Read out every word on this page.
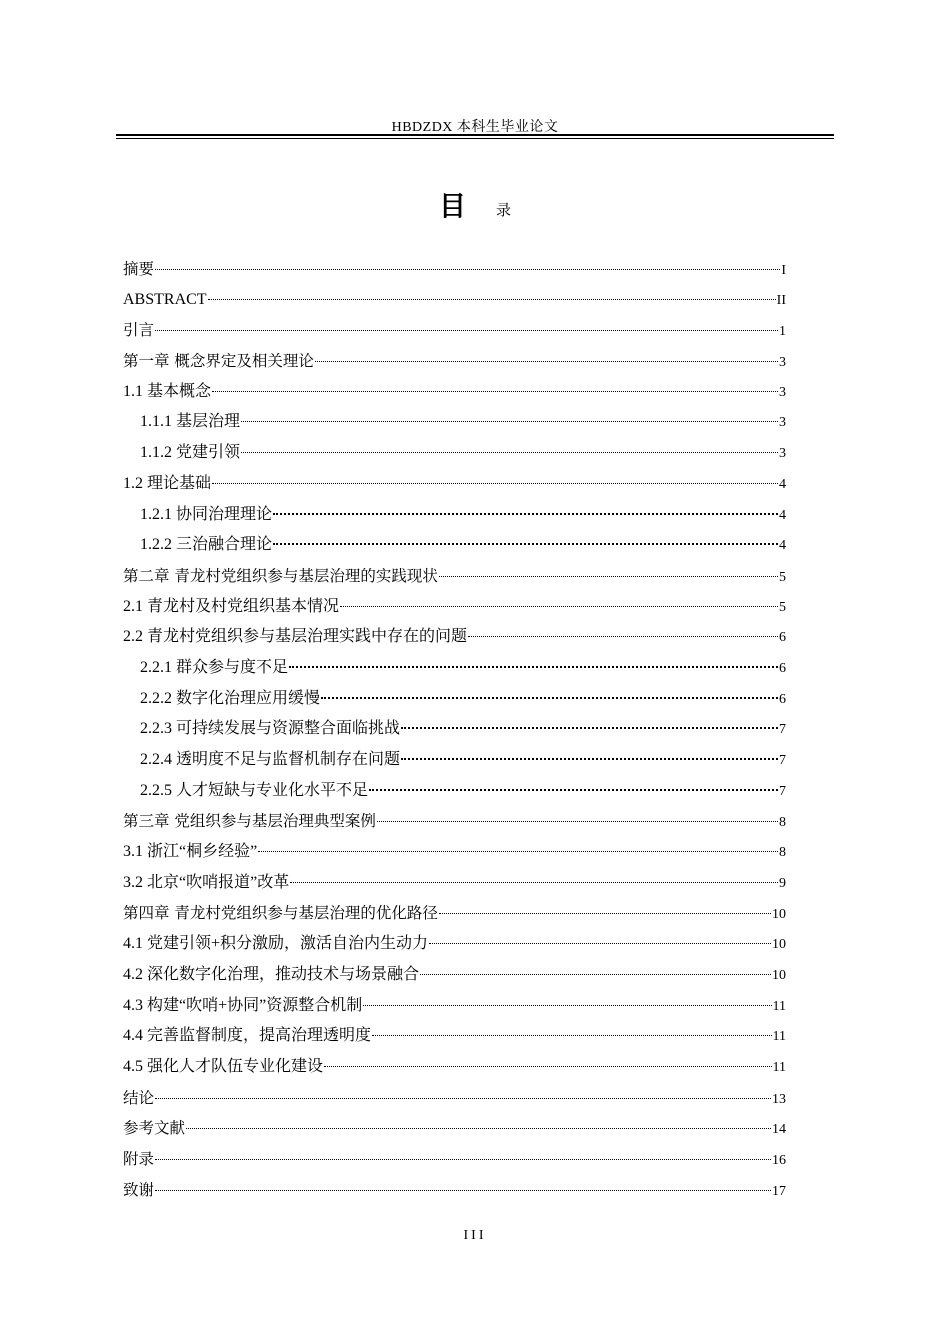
HBDZDX 本科生毕业论文
目 录
摘要	I
ABSTRACT	II
引言	1
第一章 概念界定及相关理论	3
1.1 基本概念	3
1.1.1 基层治理	3
1.1.2 党建引领	3
1.2 理论基础	4
1.2.1 协同治理理论	4
1.2.2 三治融合理论	4
第二章 青龙村党组织参与基层治理的实践现状	5
2.1 青龙村及村党组织基本情况	5
2.2 青龙村党组织参与基层治理实践中存在的问题	6
2.2.1 群众参与度不足	6
2.2.2 数字化治理应用缓慢	6
2.2.3 可持续发展与资源整合面临挑战	7
2.2.4 透明度不足与监督机制存在问题	7
2.2.5 人才短缺与专业化水平不足	7
第三章 党组织参与基层治理典型案例	8
3.1 浙江“桐乡经验”	8
3.2 北京“吹哨报道”改革	9
第四章 青龙村党组织参与基层治理的优化路径	10
4.1 党建引领+积分激励，激活自治内生动力	10
4.2 深化数字化治理，推动技术与场景融合	10
4.3 构建“吹哨+协同”资源整合机制	11
4.4 完善监督制度，提高治理透明度	11
4.5 强化人才队伍专业化建设	11
结论	13
参考文献	14
附录	16
致谢	17
III
